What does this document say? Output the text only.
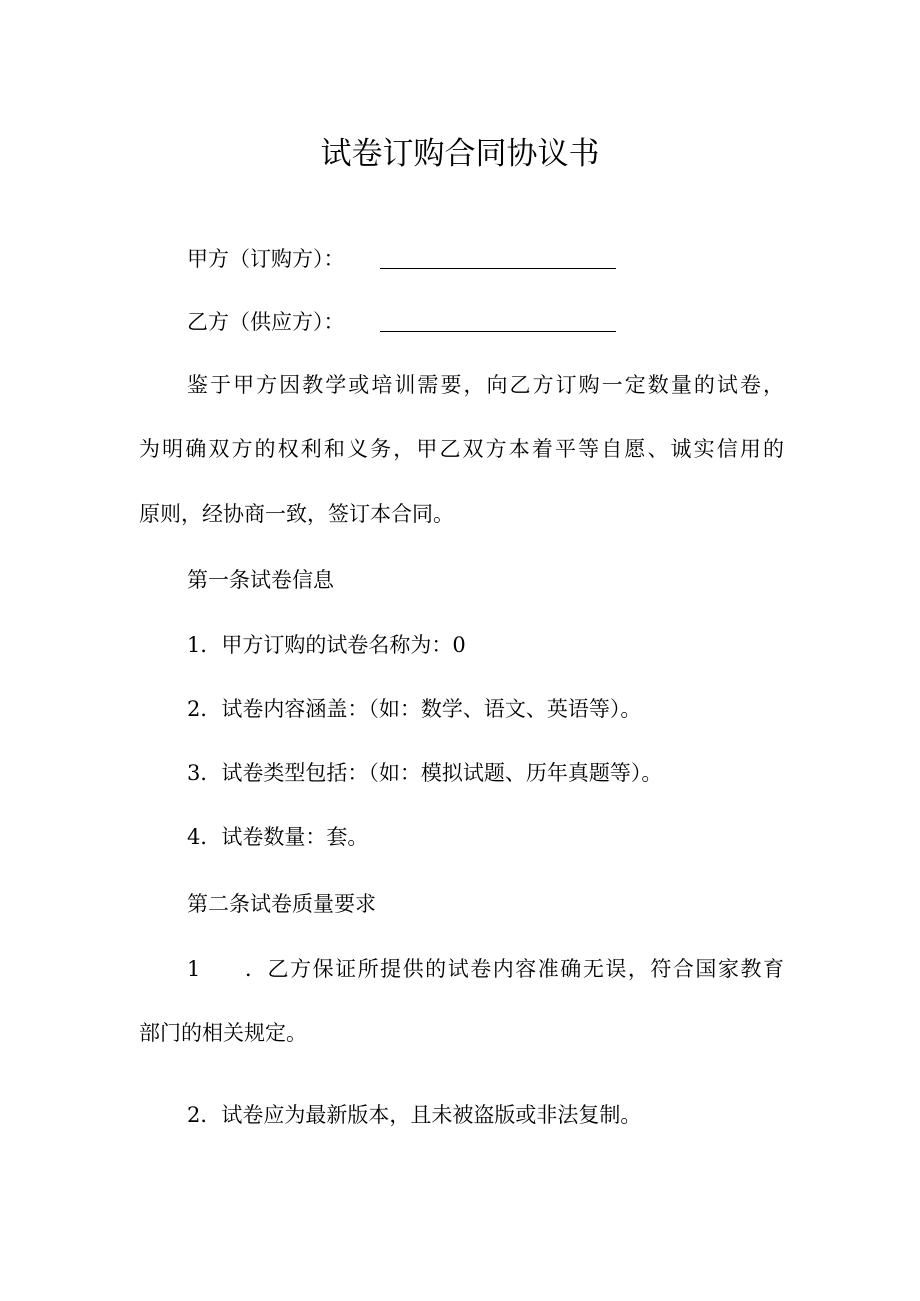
试卷订购合同协议书
甲方（订购方）：
乙方（供应方）：
鉴于甲方因教学或培训需要，向乙方订购一定数量的试卷，
为明确双方的权利和义务，甲乙双方本着平等自愿、诚实信用的
原则，经协商一致，签订本合同。
第一条试卷信息
1．甲方订购的试卷名称为：0
2．试卷内容涵盖：（如：数学、语文、英语等）。
3．试卷类型包括：（如：模拟试题、历年真题等）。
4．试卷数量：套。
第二条试卷质量要求
1 ．乙方保证所提供的试卷内容准确无误，符合国家教育
部门的相关规定。
2．试卷应为最新版本，且未被盗版或非法复制。
